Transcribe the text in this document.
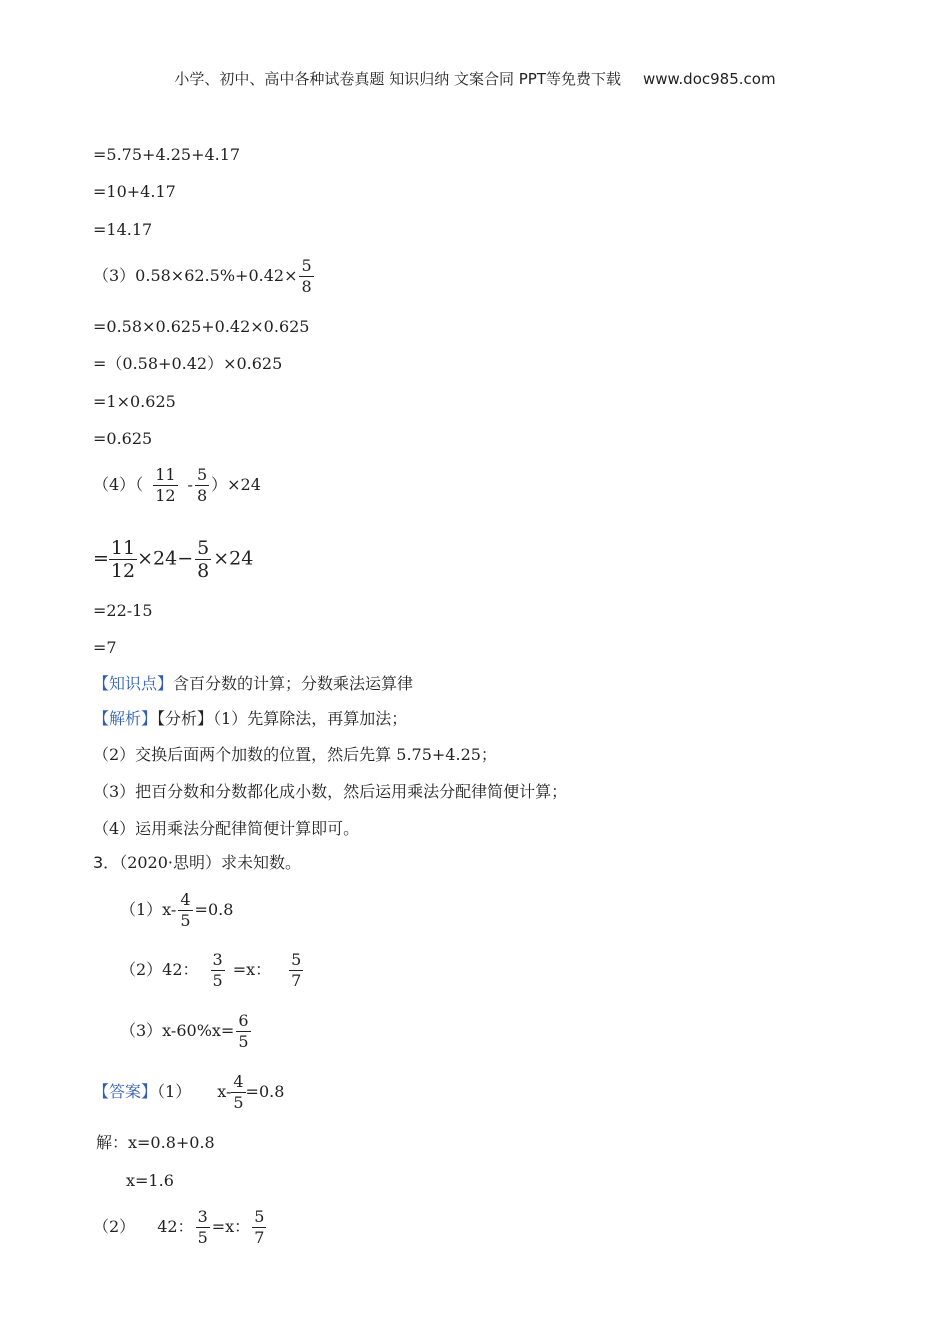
小学、初中、高中各种试卷真题 知识归纳 文案合同 PPT等免费下载 www.doc985.com
=5.75+4.25+4.17
=10+4.17
=14.17
$(3)0.58\times 62.5\%+0.42\times \frac{5}{8}$
=0.58×0.625+0.42×0.625
=（0.58+0.42）×0.625
=1×0.625
=0.625
$(4)( \frac{11}{12} - \frac{5}{8} )\times 24$
= $\frac{11}{12} \times 24- \frac{5}{8} \times 24$
=22-15
=7
【知识点】含百分数的计算；分数乘法运算律
【解析】【分析】（1）先算除法，再算加法；
（2）交换后面两个加数的位置，然后先算 5.75+4.25；
（3）把百分数和分数都化成小数，然后运用乘法分配律简便计算；
（4）运用乘法分配律简便计算即可。
3．（2020·思明）求未知数。
$(1)x- \frac{4}{5} =0.8$
（2）42： $\frac{3}{5} =x$： $\frac{5}{7}$
$(3)x-60\%x= \frac{6}{5}$
【答案】（1） $x- \frac{4}{5} =0.8$
解：x=0.8+0.8
x=1.6
（2） 42： $\frac{3}{5} =x$： $\frac{5}{7}$
